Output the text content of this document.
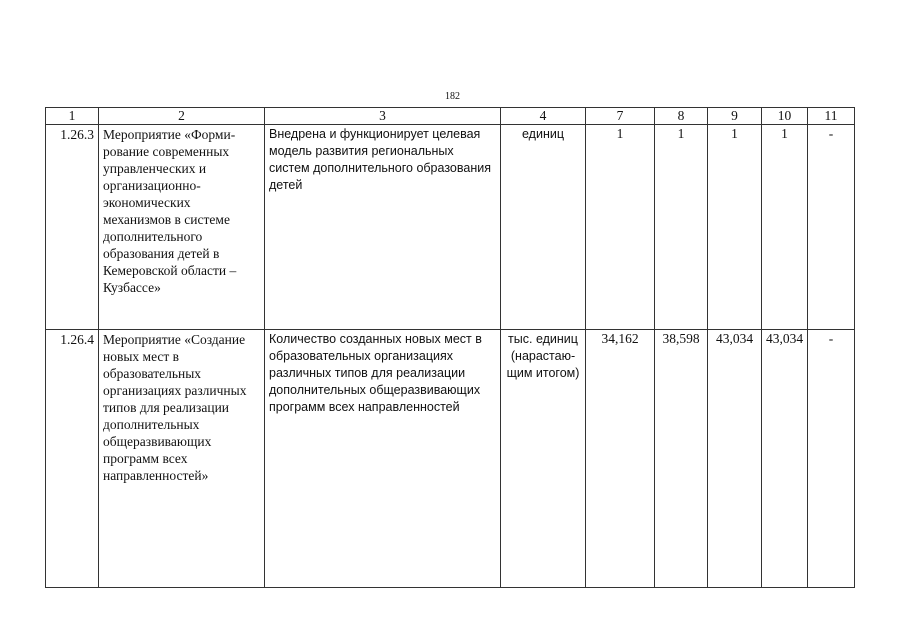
182
1	2	3	4	7	8	9	10	11
1.26.3	Мероприятие «Форми-рование современных управленческих и организационно-экономических механизмов в системе дополнительного образования детей в Кемеровской области – Кузбассе»	Внедрена и функционирует целевая модель развития региональных систем дополнительного образования детей	единиц	1	1	1	1	-
1.26.4	Мероприятие «Создание новых мест в образовательных организациях различных типов для реализации дополнительных общеразвивающих программ всех направленностей»	Количество созданных новых мест в образовательных организациях различных типов для реализации дополнительных общеразвивающих программ всех направленностей	тыс. единиц (нарастаю-щим итогом)	34,162	38,598	43,034	43,034	-
